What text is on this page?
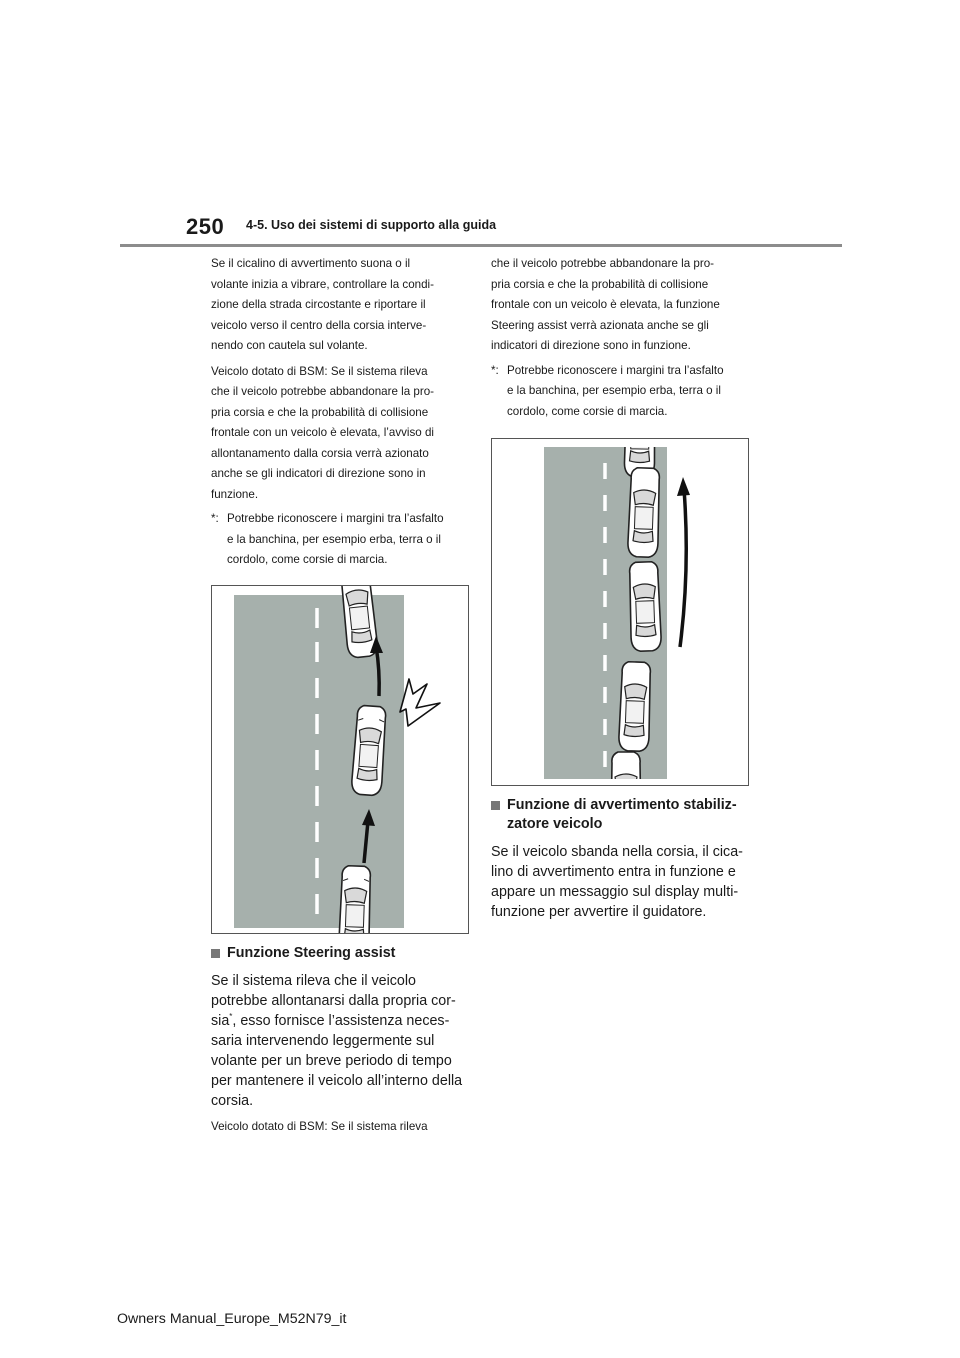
250 4-5. Uso dei sistemi di supporto alla guida

Se il cicalino di avvertimento suona o il
volante inizia a vibrare, controllare la condi-
zione della strada circostante e riportare il
veicolo verso il centro della corsia interve-
nendo con cautela sul volante.

Veicolo dotato di BSM: Se il sistema rileva
che il veicolo potrebbe abbandonare la pro-
pria corsia e che la probabilità di collisione
frontale con un veicolo è elevata, l’avviso di
allontanamento dalla corsia verrà azionato
anche se gli indicatori di direzione sono in
funzione.

*: Potrebbe riconoscere i margini tra l’asfalto
e la banchina, per esempio erba, terra o il
cordolo, come corsie di marcia.
Funzione Steering assist

Se il sistema rileva che il veicolo
potrebbe allontanarsi dalla propria cor-
sia*, esso fornisce l’assistenza neces-
saria intervenendo leggermente sul
volante per un breve periodo di tempo
per mantenere il veicolo all’interno della
corsia.

Veicolo dotato di BSM: Se il sistema rileva

che il veicolo potrebbe abbandonare la pro-
pria corsia e che la probabilità di collisione
frontale con un veicolo è elevata, la funzione
Steering assist verrà azionata anche se gli
indicatori di direzione sono in funzione.

*: Potrebbe riconoscere i margini tra l’asfalto
e la banchina, per esempio erba, terra o il
cordolo, come corsie di marcia.
Funzione di avvertimento stabiliz-
zatore veicolo

Se il veicolo sbanda nella corsia, il cica-
lino di avvertimento entra in funzione e
appare un messaggio sul display multi-
funzione per avvertire il guidatore.

Owners Manual_Europe_M52N79_it
